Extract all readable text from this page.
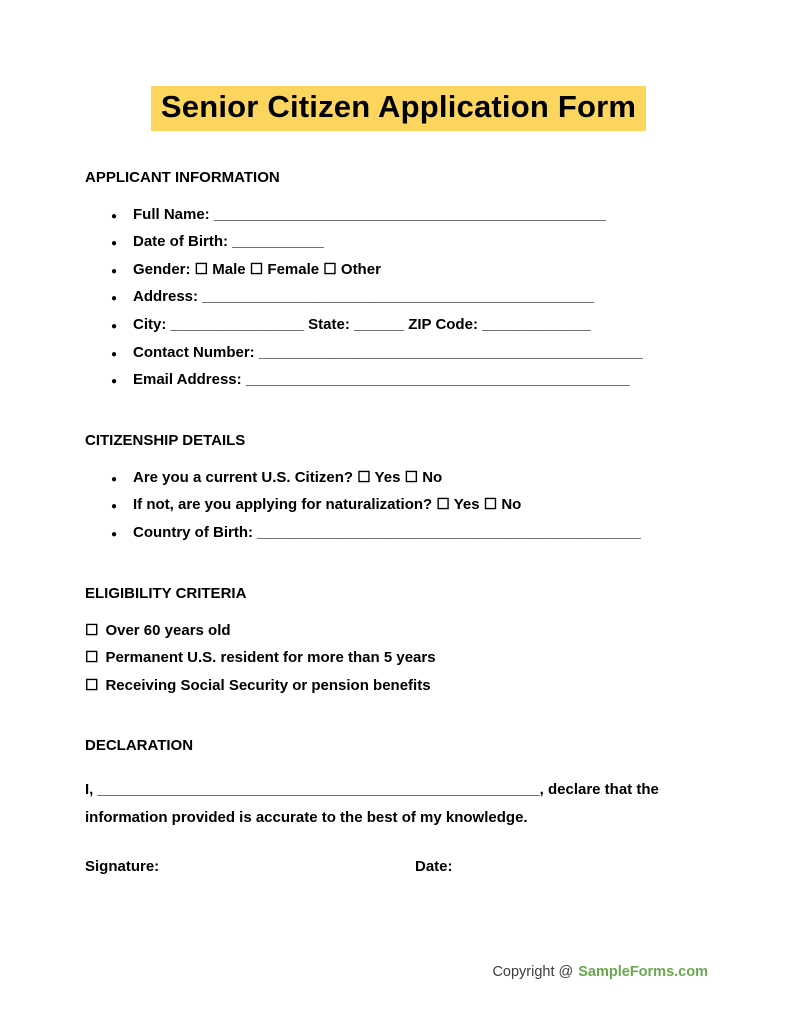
Senior Citizen Application Form
APPLICANT INFORMATION
●
Full Name: _______________________________________________
●
Date of Birth: ___________
●
Gender: ☐ Male ☐ Female ☐ Other
●
Address: _______________________________________________
●
City: ________________ State: ______ ZIP Code: _____________
●
Contact Number: ______________________________________________
●
Email Address: ______________________________________________
CITIZENSHIP DETAILS
●
Are you a current U.S. Citizen? ☐ Yes ☐ No
●
If not, are you applying for naturalization? ☐ Yes ☐ No
●
Country of Birth: ______________________________________________
ELIGIBILITY CRITERIA
☐ Over 60 years old
☐ Permanent U.S. resident for more than 5 years
☐ Receiving Social Security or pension benefits
DECLARATION

I, _____________________________________________________, declare that the information provided is accurate to the best of my knowledge.

Signature:	Date:
Copyright @ SampleForms.com
